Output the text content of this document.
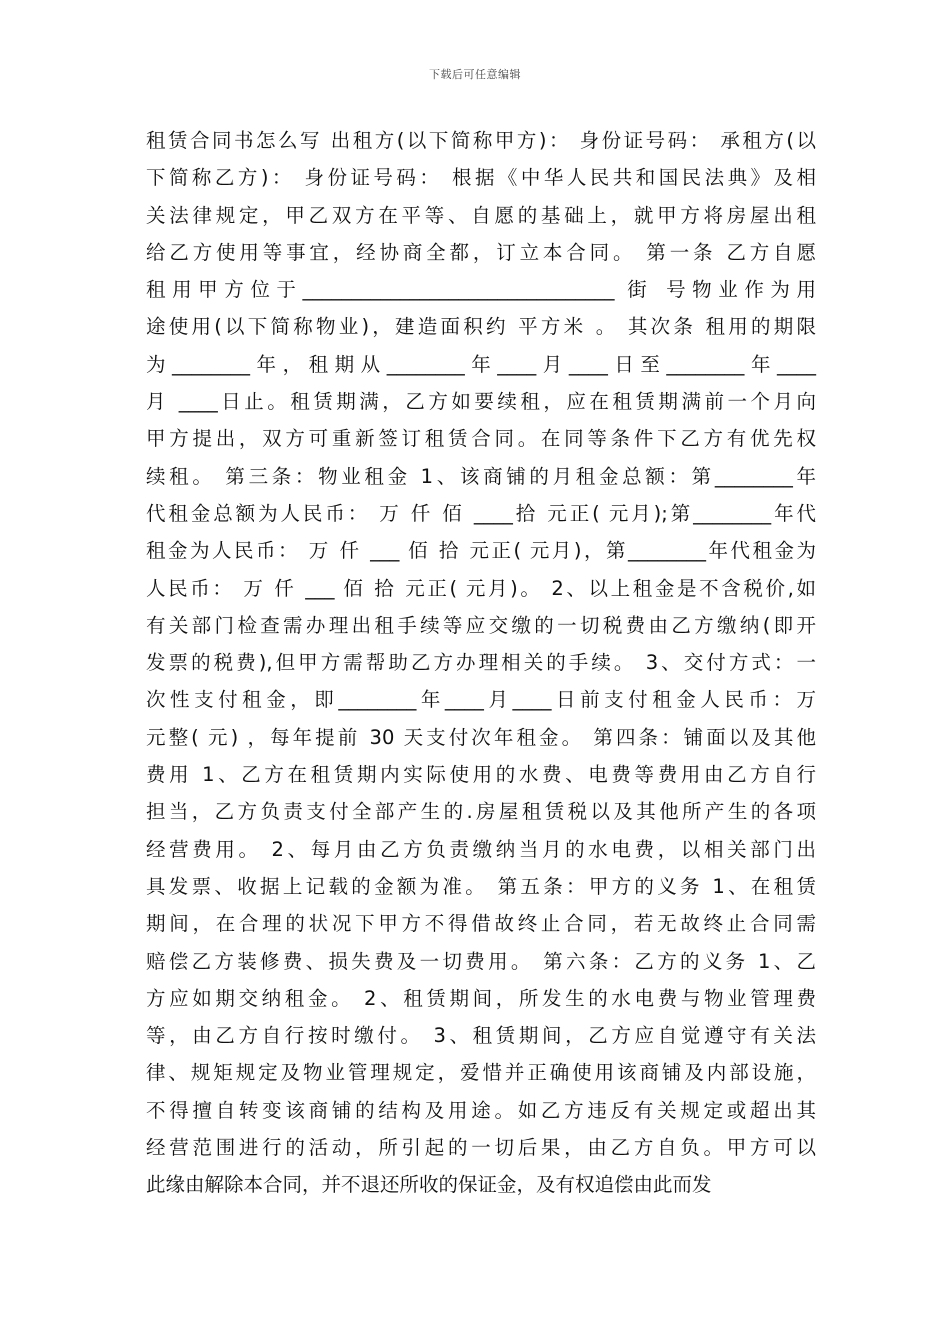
下载后可任意编辑
租赁合同书怎么写 出租方(以下简称甲方)： 身份证号码： 承租方(以
下简称乙方)： 身份证号码： 根据《中华人民共和国民法典》及相
关法律规定，甲乙双方在平等、自愿的基础上，就甲方将房屋出租
给乙方使用等事宜，经协商全都，订立本合同。 第一条 乙方自愿
租用甲方位于________________________________ 街 号物业作为用
途使用(以下简称物业)，建造面积约 平方米 。 其次条 租用的期限
为________年，租期从________年____月____日至________年____
月 ____日止。租赁期满，乙方如要续租，应在租赁期满前一个月向
甲方提出，双方可重新签订租赁合同。在同等条件下乙方有优先权
续租。 第三条：物业租金 1、该商铺的月租金总额：第________年
代租金总额为人民币： 万 仟 佰 ____拾 元正( 元月);第________年代
租金为人民币： 万 仟 ___ 佰 拾 元正( 元月)，第________年代租金为
人民币： 万 仟 ___ 佰 拾 元正( 元月)。 2、以上租金是不含税价,如
有关部门检查需办理出租手续等应交缴的一切税费由乙方缴纳(即开
发票的税费),但甲方需帮助乙方办理相关的手续。 3、交付方式：一
次性支付租金，即________年____月____日前支付租金人民币：万
元整( 元) ，每年提前 30 天支付次年租金。 第四条：铺面以及其他
费用 1、乙方在租赁期内实际使用的水费、电费等费用由乙方自行
担当，乙方负责支付全部产生的.房屋租赁税以及其他所产生的各项
经营费用。 2、每月由乙方负责缴纳当月的水电费，以相关部门出
具发票、收据上记载的金额为准。 第五条：甲方的义务 1、在租赁
期间，在合理的状况下甲方不得借故终止合同，若无故终止合同需
赔偿乙方装修费、损失费及一切费用。 第六条：乙方的义务 1、乙
方应如期交纳租金。 2、租赁期间，所发生的水电费与物业管理费
等，由乙方自行按时缴付。 3、租赁期间，乙方应自觉遵守有关法
律、规矩规定及物业管理规定，爱惜并正确使用该商铺及内部设施，
不得擅自转变该商铺的结构及用途。如乙方违反有关规定或超出其
经营范围进行的活动，所引起的一切后果，由乙方自负。甲方可以
此缘由解除本合同，并不退还所收的保证金，及有权追偿由此而发
